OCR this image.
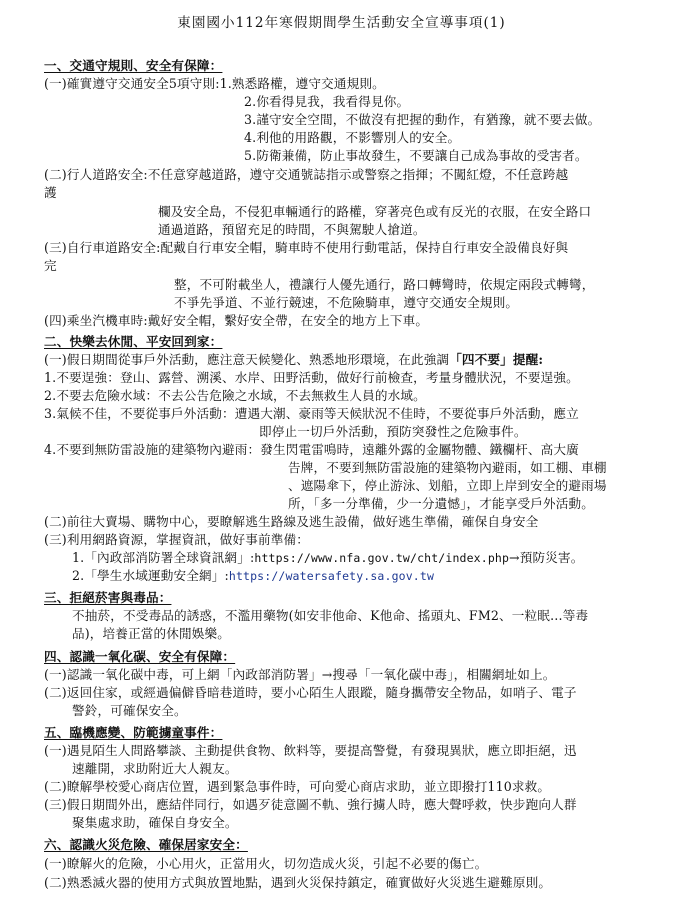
東園國小112年寒假期間學生活動安全宣導事項(1)
一、交通守規則、安全有保障：
(一)確實遵守交通安全5項守則:1.熟悉路權，遵守交通規則。
2.你看得見我，我看得見你。
3.謹守安全空間，不做沒有把握的動作，有猶豫，就不要去做。
4.利他的用路觀，不影響別人的安全。
5.防衛兼備，防止事故發生，不要讓自己成為事故的受害者。
(二)行人道路安全:不任意穿越道路，遵守交通號誌指示或警察之指揮；不闖紅燈，不任意跨越
護
欄及安全島，不侵犯車輛通行的路權，穿著亮色或有反光的衣服，在安全路口
通過道路，預留充足的時間，不與駕駛人搶道。
(三)自行車道路安全:配戴自行車安全帽，騎車時不使用行動電話，保持自行車安全設備良好與
完
整，不可附載坐人，禮讓行人優先通行，路口轉彎時，依規定兩段式轉彎，
不爭先爭道、不並行競速，不危險騎車，遵守交通安全規則。
(四)乘坐汽機車時:戴好安全帽，繫好安全帶，在安全的地方上下車。
二、快樂去休閒、平安回到家：
(一)假日期間從事戶外活動，應注意天候變化、熟悉地形環境，在此強調「四不要」提醒:
1.不要逞強：登山、露營、溯溪、水岸、田野活動，做好行前檢查，考量身體狀況，不要逞強。
2.不要去危險水域：不去公告危險之水域，不去無救生人員的水域。
3.氣候不佳，不要從事戶外活動：遭遇大潮、豪雨等天候狀況不佳時，不要從事戶外活動，應立
即停止一切戶外活動，預防突發性之危險事件。
4.不要到無防雷設施的建築物內避雨：發生閃電雷鳴時，遠離外露的金屬物體、鐵欄杆、高大廣
告牌，不要到無防雷設施的建築物內避雨，如工棚、車棚
、遮陽傘下，停止游泳、划船，立即上岸到安全的避雨場
所，「多一分準備，少一分遺憾」，才能享受戶外活動。
(二)前往大賣場、購物中心，要瞭解逃生路線及逃生設備，做好逃生準備，確保自身安全
(三)利用網路資源，掌握資訊，做好事前準備：
1.「內政部消防署全球資訊網」:https://www.nfa.gov.tw/cht/index.php→預防災害。
2.「學生水域運動安全網」:https://watersafety.sa.gov.tw
三、拒絕菸害與毒品：
不抽菸，不受毒品的誘惑，不濫用藥物(如安非他命、K他命、搖頭丸、FM2、一粒眠…等毒
品)，培養正當的休閒娛樂。
四、認識一氧化碳、安全有保障：
(一)認識一氧化碳中毒，可上網「內政部消防署」→搜尋「一氧化碳中毒」，相關網址如上。
(二)返回住家，或經過偏僻昏暗巷道時，要小心陌生人跟蹤，隨身攜帶安全物品，如哨子、電子
警鈴，可確保安全。
五、臨機應變、防範擄童事件：
(一)遇見陌生人問路攀談、主動提供食物、飲料等，要提高警覺，有發現異狀，應立即拒絕，迅
速離開，求助附近大人親友。
(二)瞭解學校愛心商店位置，遇到緊急事件時，可向愛心商店求助，並立即撥打110求救。
(三)假日期間外出，應結伴同行，如遇歹徒意圖不軌、強行擄人時，應大聲呼救，快步跑向人群
聚集處求助，確保自身安全。
六、認識火災危險、確保居家安全：
(一)瞭解火的危險，小心用火，正當用火，切勿造成火災，引起不必要的傷亡。
(二)熟悉滅火器的使用方式與放置地點，遇到火災保持鎮定，確實做好火災逃生避難原則。
